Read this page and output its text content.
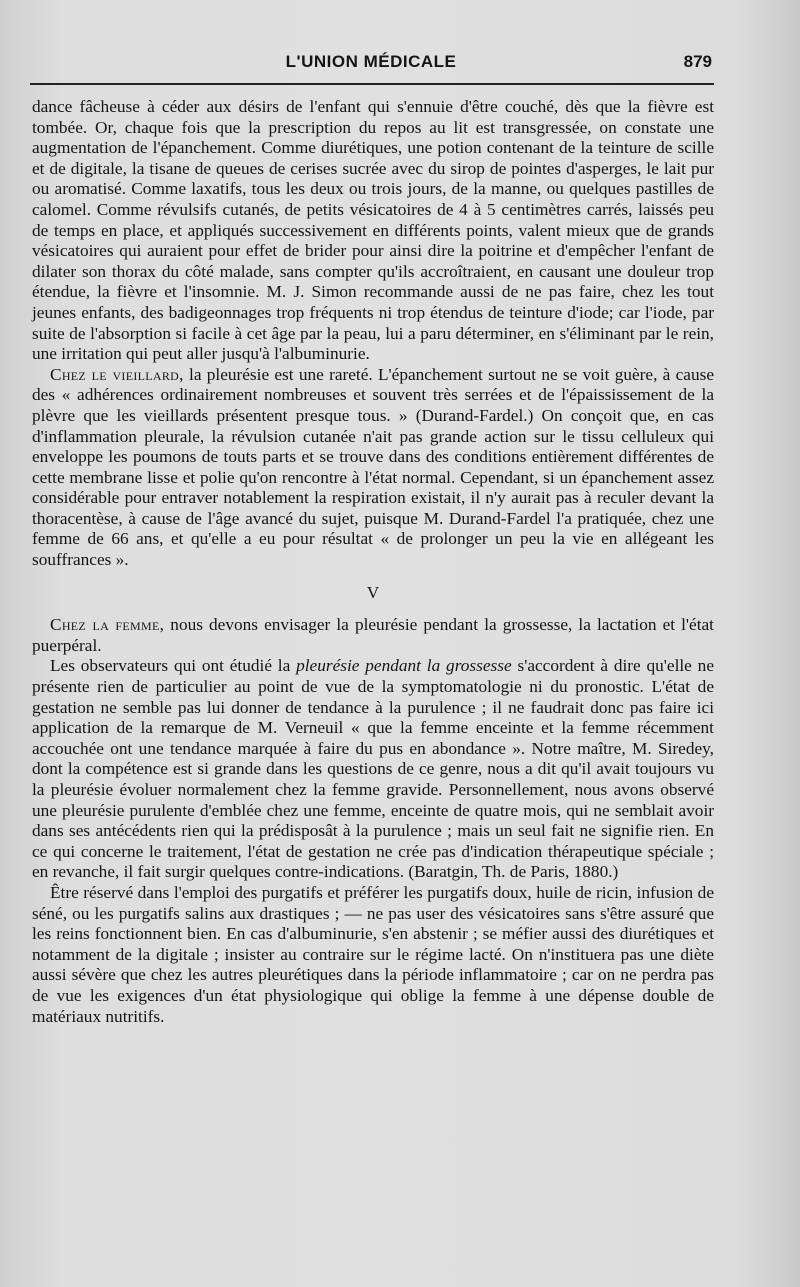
L'UNION MÉDICALE	879

dance fâcheuse à céder aux désirs de l'enfant qui s'ennuie d'être couché, dès que la fièvre est tombée. Or, chaque fois que la prescription du repos au lit est transgressée, on constate une augmentation de l'épanchement. Comme diurétiques, une potion contenant de la teinture de scille et de digitale, la tisane de queues de cerises sucrée avec du sirop de pointes d'asperges, le lait pur ou aromatisé. Comme laxatifs, tous les deux ou trois jours, de la manne, ou quelques pastilles de calomel. Comme révulsifs cutanés, de petits vésicatoires de 4 à 5 centimètres carrés, laissés peu de temps en place, et appliqués successivement en différents points, valent mieux que de grands vésicatoires qui auraient pour effet de brider pour ainsi dire la poitrine et d'empêcher l'enfant de dilater son thorax du côté malade, sans compter qu'ils accroîtraient, en causant une douleur trop étendue, la fièvre et l'insomnie. M. J. Simon recommande aussi de ne pas faire, chez les tout jeunes enfants, des badigeonnages trop fréquents ni trop étendus de teinture d'iode; car l'iode, par suite de l'absorption si facile à cet âge par la peau, lui a paru déterminer, en s'éliminant par le rein, une irritation qui peut aller jusqu'à l'albuminurie.

Chez le vieillard, la pleurésie est une rareté. L'épanchement surtout ne se voit guère, à cause des « adhérences ordinairement nombreuses et souvent très serrées et de l'épaississement de la plèvre que les vieillards présentent presque tous. » (Durand-Fardel.) On conçoit que, en cas d'inflammation pleurale, la révulsion cutanée n'ait pas grande action sur le tissu celluleux qui enveloppe les poumons de touts parts et se trouve dans des conditions entièrement différentes de cette membrane lisse et polie qu'on rencontre à l'état normal. Cependant, si un épanchement assez considérable pour entraver notablement la respiration existait, il n'y aurait pas à reculer devant la thoracentèse, à cause de l'âge avancé du sujet, puisque M. Durand-Fardel l'a pratiquée, chez une femme de 66 ans, et qu'elle a eu pour résultat « de prolonger un peu la vie en allégeant les souffrances ».

V

Chez la femme, nous devons envisager la pleurésie pendant la grossesse, la lactation et l'état puerpéral.

Les observateurs qui ont étudié la pleurésie pendant la grossesse s'accordent à dire qu'elle ne présente rien de particulier au point de vue de la symptomatologie ni du pronostic. L'état de gestation ne semble pas lui donner de tendance à la purulence ; il ne faudrait donc pas faire ici application de la remarque de M. Verneuil « que la femme enceinte et la femme récemment accouchée ont une tendance marquée à faire du pus en abondance ». Notre maître, M. Siredey, dont la compétence est si grande dans les questions de ce genre, nous a dit qu'il avait toujours vu la pleurésie évoluer normalement chez la femme gravide. Personnellement, nous avons observé une pleurésie purulente d'emblée chez une femme, enceinte de quatre mois, qui ne semblait avoir dans ses antécédents rien qui la prédisposât à la purulence ; mais un seul fait ne signifie rien. En ce qui concerne le traitement, l'état de gestation ne crée pas d'indication thérapeutique spéciale ; en revanche, il fait surgir quelques contre-indications. (Baratgin, Th. de Paris, 1880.)

Être réservé dans l'emploi des purgatifs et préférer les purgatifs doux, huile de ricin, infusion de séné, ou les purgatifs salins aux drastiques ; — ne pas user des vésicatoires sans s'être assuré que les reins fonctionnent bien. En cas d'albuminurie, s'en abstenir ; se méfier aussi des diurétiques et notamment de la digitale ; insister au contraire sur le régime lacté. On n'instituera pas une diète aussi sévère que chez les autres pleurétiques dans la période inflammatoire ; car on ne perdra pas de vue les exigences d'un état physiologique qui oblige la femme à une dépense double de matériaux nutritifs.
